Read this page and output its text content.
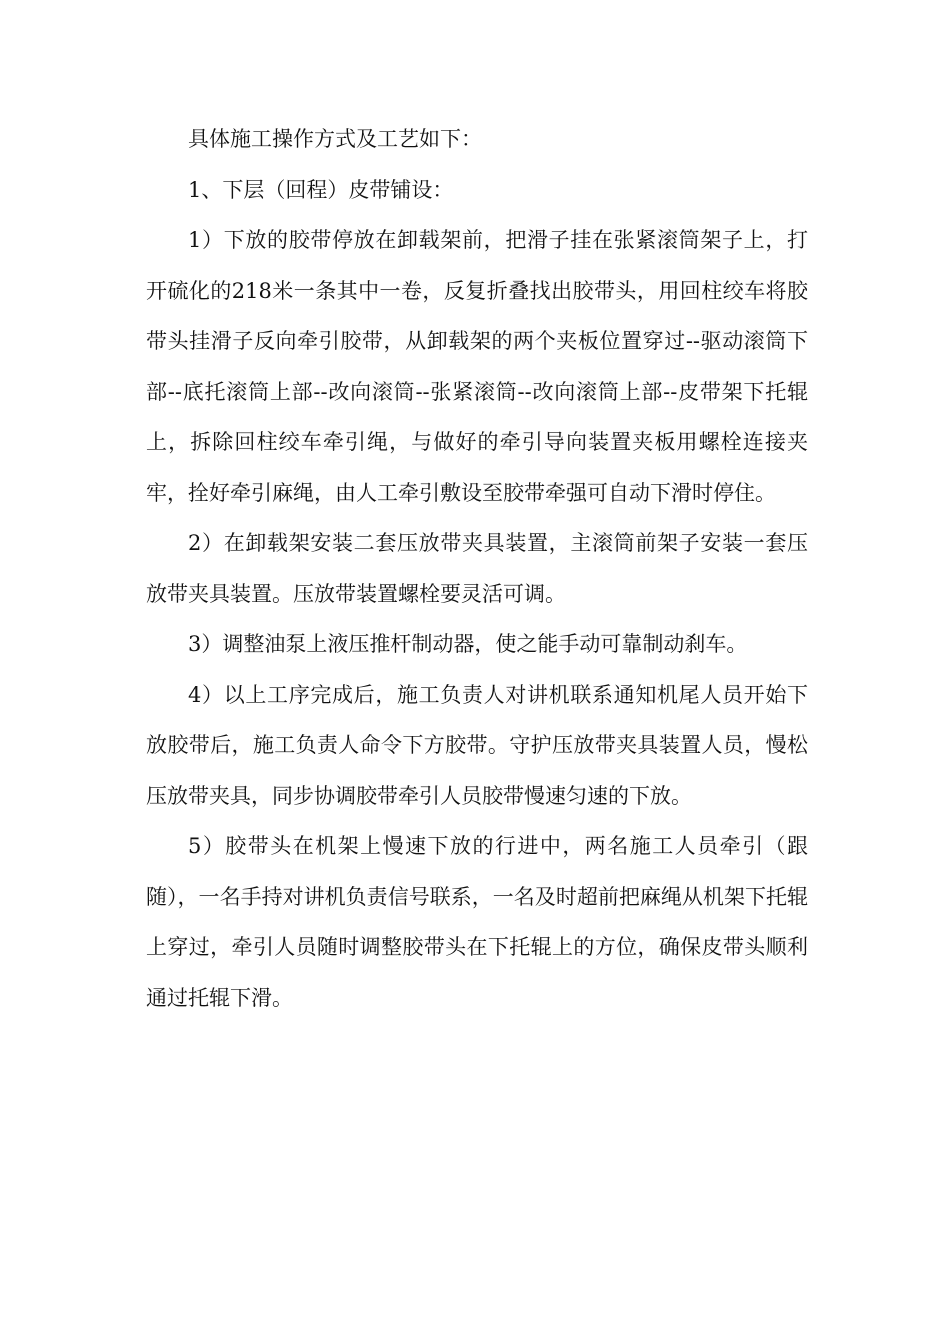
具体施工操作方式及工艺如下：

1、下层（回程）皮带铺设：

1）下放的胶带停放在卸载架前，把滑子挂在张紧滚筒架子上，打开硫化的218米一条其中一卷，反复折叠找出胶带头，用回柱绞车将胶带头挂滑子反向牵引胶带，从卸载架的两个夹板位置穿过--驱动滚筒下部--底托滚筒上部--改向滚筒--张紧滚筒--改向滚筒上部--皮带架下托辊上，拆除回柱绞车牵引绳，与做好的牵引导向装置夹板用螺栓连接夹牢，拴好牵引麻绳，由人工牵引敷设至胶带牵强可自动下滑时停住。

2）在卸载架安装二套压放带夹具装置，主滚筒前架子安装一套压放带夹具装置。压放带装置螺栓要灵活可调。

3）调整油泵上液压推杆制动器，使之能手动可靠制动刹车。

4）以上工序完成后，施工负责人对讲机联系通知机尾人员开始下放胶带后，施工负责人命令下方胶带。守护压放带夹具装置人员，慢松压放带夹具，同步协调胶带牵引人员胶带慢速匀速的下放。

5）胶带头在机架上慢速下放的行进中，两名施工人员牵引（跟随），一名手持对讲机负责信号联系，一名及时超前把麻绳从机架下托辊上穿过，牵引人员随时调整胶带头在下托辊上的方位，确保皮带头顺利通过托辊下滑。
